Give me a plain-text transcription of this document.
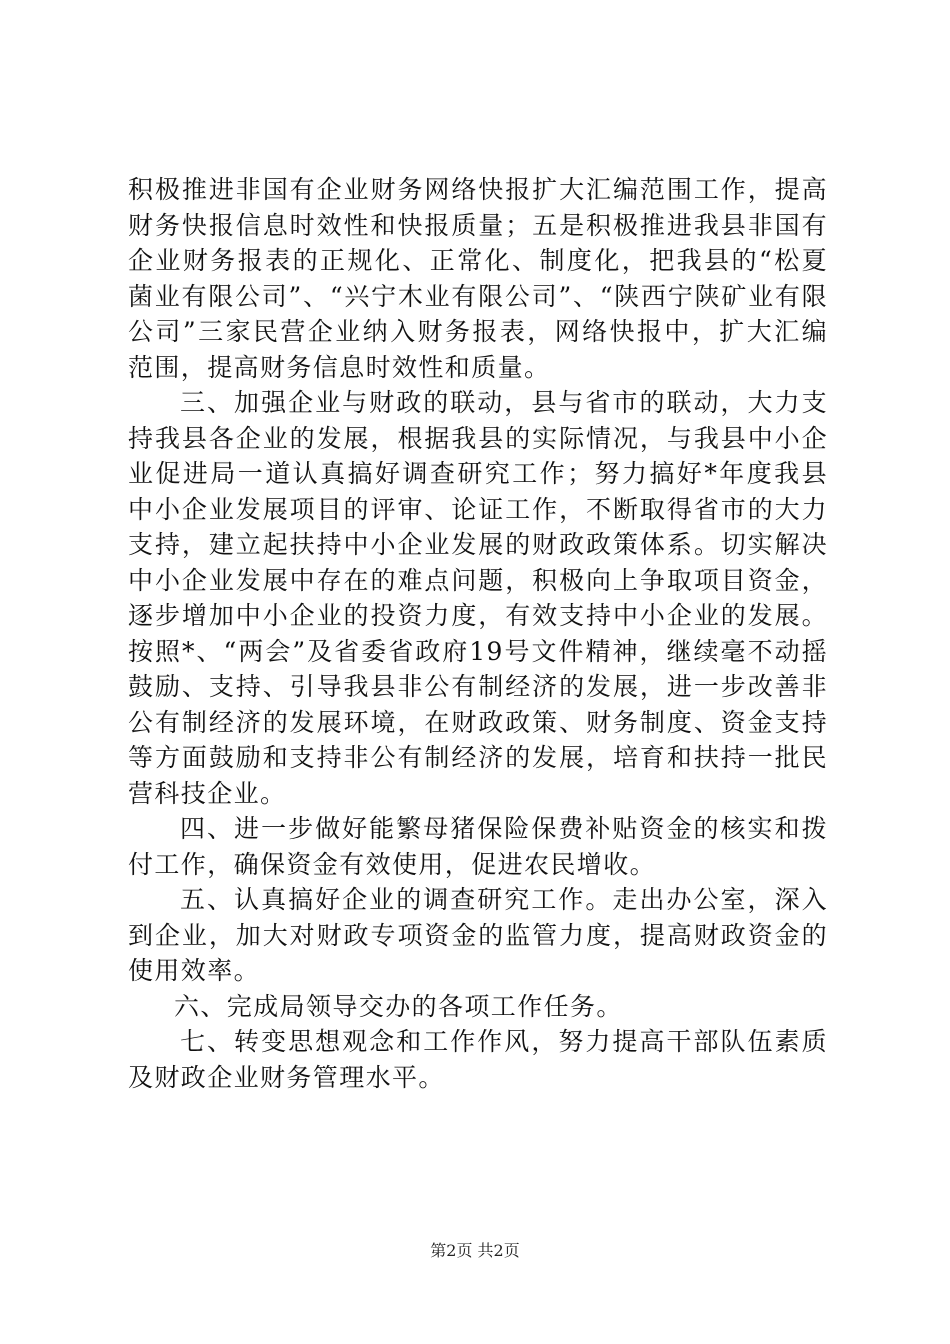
积极推进非国有企业财务网络快报扩大汇编范围工作，提高财务快报信息时效性和快报质量；五是积极推进我县非国有企业财务报表的正规化、正常化、制度化，把我县的“松夏菌业有限公司”、“兴宁木业有限公司”、“陕西宁陕矿业有限公司”三家民营企业纳入财务报表，网络快报中，扩大汇编范围，提高财务信息时效性和质量。

三、加强企业与财政的联动，县与省市的联动，大力支持我县各企业的发展，根据我县的实际情况，与我县中小企业促进局一道认真搞好调查研究工作；努力搞好*年度我县中小企业发展项目的评审、论证工作，不断取得省市的大力支持，建立起扶持中小企业发展的财政政策体系。切实解决中小企业发展中存在的难点问题，积极向上争取项目资金，逐步增加中小企业的投资力度，有效支持中小企业的发展。按照*、“两会”及省委省政府19号文件精神，继续毫不动摇鼓励、支持、引导我县非公有制经济的发展，进一步改善非公有制经济的发展环境，在财政政策、财务制度、资金支持等方面鼓励和支持非公有制经济的发展，培育和扶持一批民营科技企业。

四、进一步做好能繁母猪保险保费补贴资金的核实和拨付工作，确保资金有效使用，促进农民增收。

五、认真搞好企业的调查研究工作。走出办公室，深入到企业，加大对财政专项资金的监管力度，提高财政资金的使用效率。

六、完成局领导交办的各项工作任务。

七、转变思想观念和工作作风，努力提高干部队伍素质及财政企业财务管理水平。

第2页 共2页
